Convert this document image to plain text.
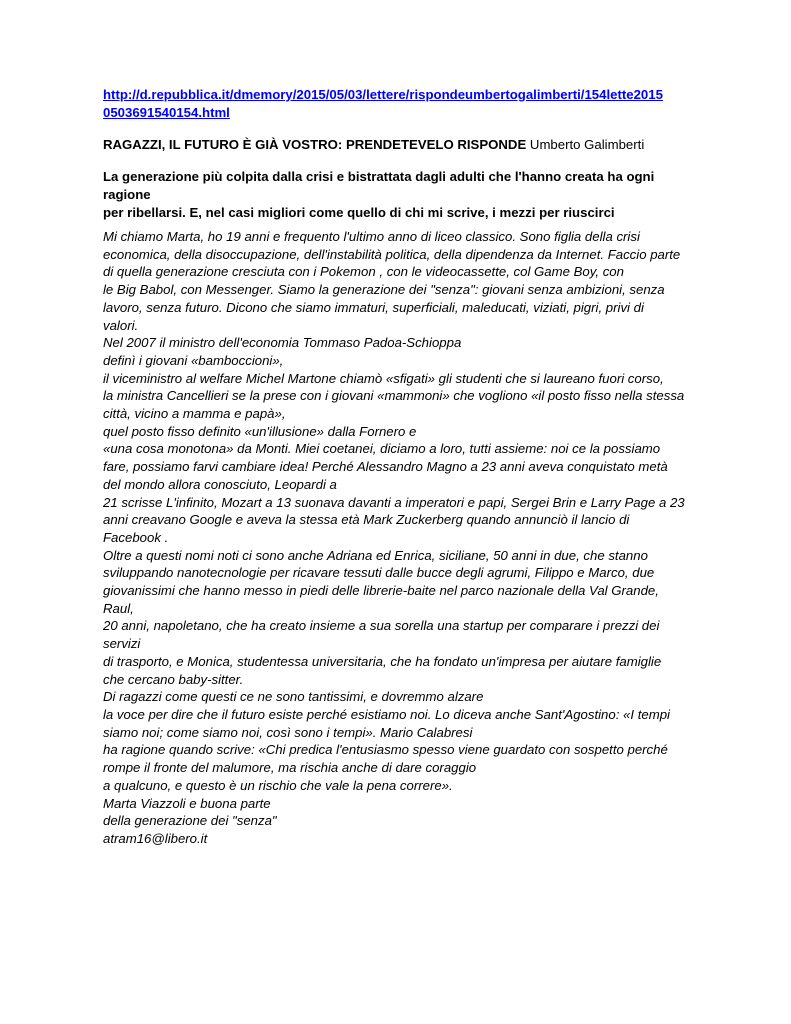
http://d.repubblica.it/dmemory/2015/05/03/lettere/rispondeumbertogalimberti/154lette2015
0503691540154.html
RAGAZZI, IL FUTURO È GIÀ VOSTRO: PRENDETEVELO RISPONDE Umberto Galimberti
La generazione più colpita dalla crisi e bistrattata dagli adulti che l'hanno creata ha ogni ragione
per ribellarsi. E, nel casi migliori come quello di chi mi scrive, i mezzi per riuscirci
Mi chiamo Marta, ho 19 anni e frequento l'ultimo anno di liceo classico. Sono figlia della crisi
economica, della disoccupazione, dell'instabilità politica, della dipendenza da Internet. Faccio parte
di quella generazione cresciuta con i Pokemon , con le videocassette, col Game Boy, con
le Big Babol, con Messenger. Siamo la generazione dei "senza": giovani senza ambizioni, senza
lavoro, senza futuro. Dicono che siamo immaturi, superficiali, maleducati, viziati, pigri, privi di
valori.
Nel 2007 il ministro dell'economia Tommaso Padoa-Schioppa
definì i giovani «bamboccioni»,
il viceministro al welfare Michel Martone chiamò «sfigati» gli studenti che si laureano fuori corso,
la ministra Cancellieri se la prese con i giovani «mammoni» che vogliono «il posto fisso nella stessa
città, vicino a mamma e papà»,
quel posto fisso definito «un'illusione» dalla Fornero e
«una cosa monotona» da Monti. Miei coetanei, diciamo a loro, tutti assieme: noi ce la possiamo
fare, possiamo farvi cambiare idea! Perché Alessandro Magno a 23 anni aveva conquistato metà
del mondo allora conosciuto, Leopardi a
21 scrisse L'infinito, Mozart a 13 suonava davanti a imperatori e papi, Sergei Brin e Larry Page a 23
anni creavano Google e aveva la stessa età Mark Zuckerberg quando annunciò il lancio di
Facebook .
Oltre a questi nomi noti ci sono anche Adriana ed Enrica, siciliane, 50 anni in due, che stanno
sviluppando nanotecnologie per ricavare tessuti dalle bucce degli agrumi, Filippo e Marco, due
giovanissimi che hanno messo in piedi delle librerie-baite nel parco nazionale della Val Grande,
Raul,
20 anni, napoletano, che ha creato insieme a sua sorella una startup per comparare i prezzi dei
servizi
di trasporto, e Monica, studentessa universitaria, che ha fondato un'impresa per aiutare famiglie
che cercano baby-sitter.
Di ragazzi come questi ce ne sono tantissimi, e dovremmo alzare
la voce per dire che il futuro esiste perché esistiamo noi. Lo diceva anche Sant'Agostino: «I tempi
siamo noi; come siamo noi, così sono i tempi». Mario Calabresi
ha ragione quando scrive: «Chi predica l'entusiasmo spesso viene guardato con sospetto perché
rompe il fronte del malumore, ma rischia anche di dare coraggio
a qualcuno, e questo è un rischio che vale la pena correre».
Marta Viazzoli e buona parte
della generazione dei "senza"
atram16@libero.it
